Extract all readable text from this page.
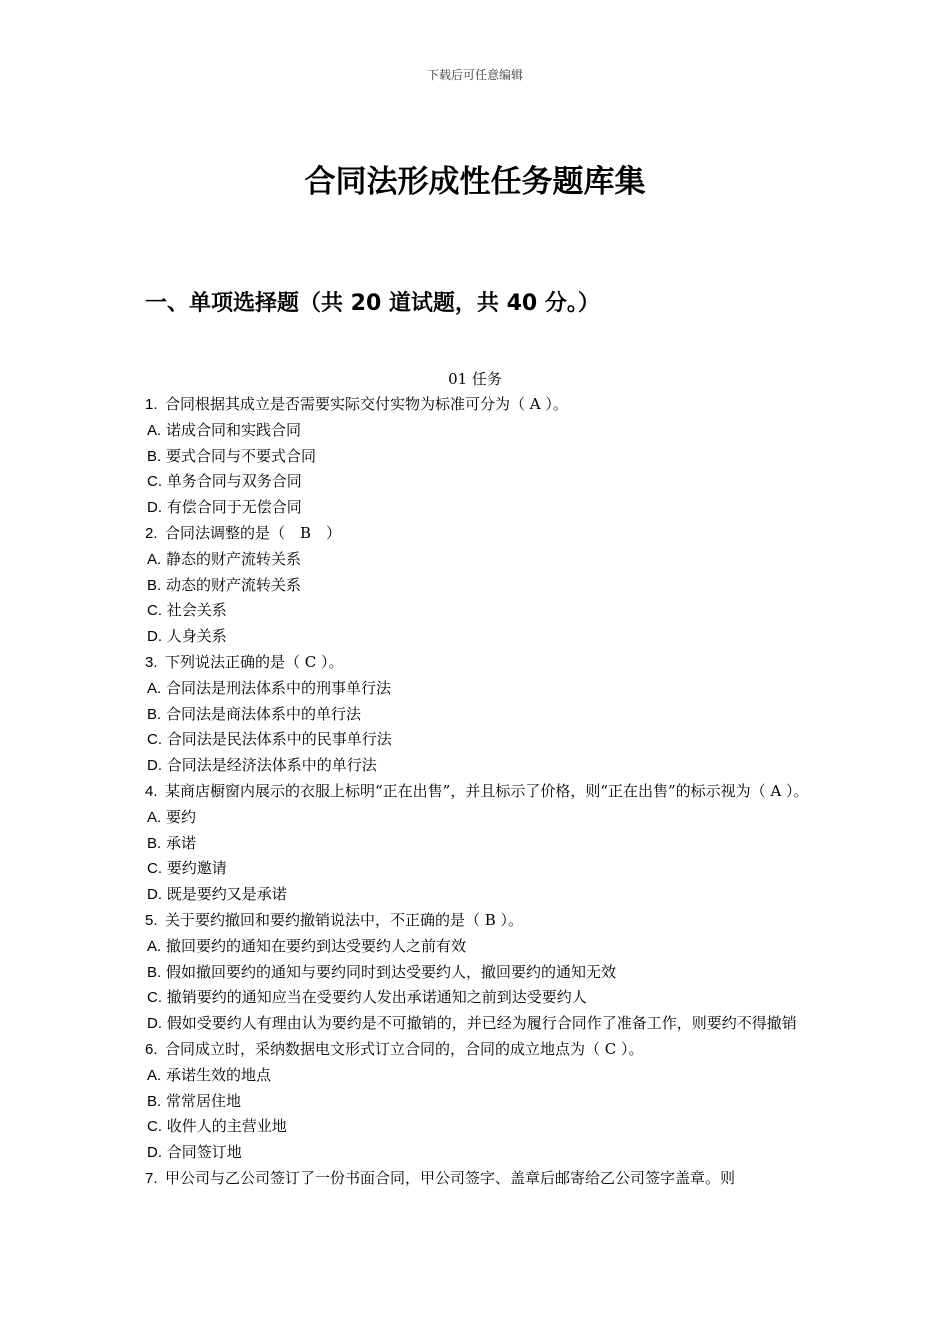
下载后可任意编辑
合同法形成性任务题库集
一、单项选择题（共 20 道试题，共 40 分。）
01 任务

1. 合同根据其成立是否需要实际交付实物为标准可分为（ A ）。

A. 诺成合同和实践合同

B. 要式合同与不要式合同

C. 单务合同与双务合同

D. 有偿合同于无偿合同

2. 合同法调整的是（　B　）

A. 静态的财产流转关系

B. 动态的财产流转关系

C. 社会关系

D. 人身关系

3. 下列说法正确的是（ C ）。

A. 合同法是刑法体系中的刑事单行法

B. 合同法是商法体系中的单行法

C. 合同法是民法体系中的民事单行法

D. 合同法是经济法体系中的单行法

4. 某商店橱窗内展示的衣服上标明“正在出售”，并且标示了价格，则“正在出售”的标示视为（ A ）。

A. 要约

B. 承诺

C. 要约邀请

D. 既是要约又是承诺

5. 关于要约撤回和要约撤销说法中，不正确的是（ B ）。

A. 撤回要约的通知在要约到达受要约人之前有效

B. 假如撤回要约的通知与要约同时到达受要约人，撤回要约的通知无效

C. 撤销要约的通知应当在受要约人发出承诺通知之前到达受要约人

D. 假如受要约人有理由认为要约是不可撤销的，并已经为履行合同作了准备工作，则要约不得撤销

6. 合同成立时，采纳数据电文形式订立合同的，合同的成立地点为（ C ）。

A. 承诺生效的地点

B. 常常居住地

C. 收件人的主营业地

D. 合同签订地

7. 甲公司与乙公司签订了一份书面合同，甲公司签字、盖章后邮寄给乙公司签字盖章。则
